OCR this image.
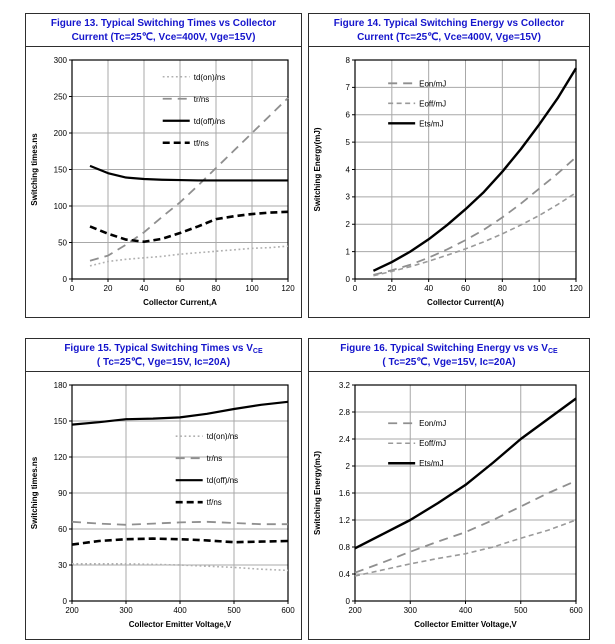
Figure 13. Typical Switching Times vs Collector
Current (Tc=25℃, Vce=400V, Vge=15V)
0	20	40	60	80	100	120
0
50
100
150
200
250
300
Collector Current,A
Switching times.ns
td(on)/ns
tr/ns
td(off)/ns
tf/ns
Figure 14. Typical Switching Energy vs Collector
Current (Tc=25℃, Vce=400V, Vge=15V)
0	20	40	60	80	100	120
0
1
2
3
4
5
6
7
8
Collector Current(A)
Switching Energy(mJ)
Eon/mJ
Eoff/mJ
Ets/mJ
Figure 15. Typical Switching Times vs $V_{CE}$
( Tc=25℃, Vge=15V, Ic=20A)
200	300	400	500	600
0
30
60
90
120
150
180
Collector Emitter Voltage,V
Switching times.ns
td(on)/ns
tr/ns
td(off)/ns
tf/ns
Figure 16. Typical Switching Energy vs vs $V_{CE}$
( Tc=25℃, Vge=15V, Ic=20A)
200	300	400	500	600
0
0.4
0.8
1.2
1.6
2
2.4
2.8
3.2
Collector Emitter Voltage,V
Switching Energy(mJ)
Eon/mJ
Eoff/mJ
Ets/mJ
